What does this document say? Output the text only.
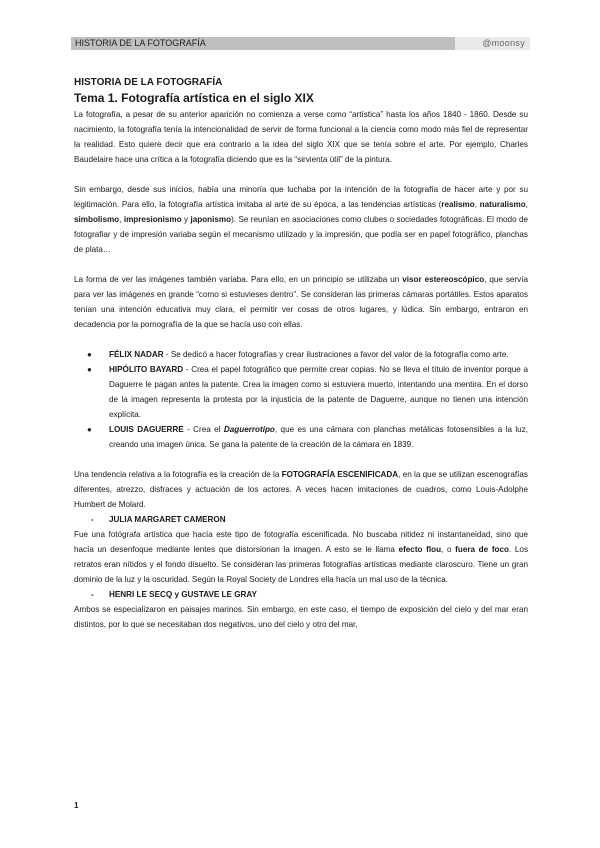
HISTORIA DE LA FOTOGRAFÍA	@moonsy

HISTORIA DE LA FOTOGRAFÍA

Tema 1. Fotografía artística en el siglo XIX

La fotografía, a pesar de su anterior aparición no comienza a verse como “artística” hasta los años 1840 - 1860. Desde su nacimiento, la fotografía tenía la intencionalidad de servir de forma funcional a la ciencia como modo más fiel de representar la realidad. Esto quiere decir que era contrario a la idea del siglo XIX que se tenía sobre el arte. Por ejemplo, Charles Baudelaire hace una crítica a la fotografía diciendo que es la “sirvienta útil” de la pintura.

Sin embargo, desde sus inicios, había una minoría que luchaba por la intención de la fotografía de hacer arte y por su legitimación. Para ello, la fotografía artística imitaba al arte de su época, a las tendencias artísticas (realismo, naturalismo, simbolismo, impresionismo y japonismo). Se reunían en asociaciones como clubes o sociedades fotográficas. El modo de fotografiar y de impresión variaba según el mecanismo utilizado y la impresión, que podía ser en papel fotográfico, planchas de plata…

La forma de ver las imágenes también variaba. Para ello, en un principio se utilizaba un visor estereoscópico, que servía para ver las imágenes en grande “como si estuvieses dentro”. Se consideran las primeras cámaras portátiles. Estos aparatos tenían una intención educativa muy clara, el permitir ver cosas de otros lugares, y lúdica. Sin embargo, entraron en decadencia por la pornografía de la que se hacía uso con ellas.

● FÉLIX NADAR - Se dedicó a hacer fotografías y crear ilustraciones a favor del valor de la fotografía como arte.
● HIPÓLITO BAYARD - Crea el papel fotográfico que permite crear copias. No se lleva el título de inventor porque a Daguerre le pagan antes la patente. Crea la imagen como si estuviera muerto, intentando una mentira. En el dorso de la imagen representa la protesta por la injusticia de la patente de Daguerre, aunque no tienen una intención explícita.
● LOUIS DAGUERRE - Crea el Daguerrotipo, que es una cámara con planchas metálicas fotosensibles a la luz, creando una imagen única. Se gana la patente de la creación de la cámara en 1839.

Una tendencia relativa a la fotografía es la creación de la FOTOGRAFÍA ESCENIFICADA, en la que se utilizan escenografías diferentes, atrezzo, disfraces y actuación de los actores. A veces hacen imitaciones de cuadros, como Louis-Adolphe Humbert de Molard.

- JULIA MARGARET CAMERON

Fue una fotógrafa artística que hacía este tipo de fotografía escenificada. No buscaba nitidez ni instantaneidad, sino que hacía un desenfoque mediante lentes que distorsionan la imagen. A esto se le llama efecto flou, o fuera de foco. Los retratos eran nítidos y el fondo disuelto. Se consideran las primeras fotografías artísticas mediante claroscuro. Tiene un gran dominio de la luz y la oscuridad. Según la Royal Society de Londres ella hacía un mal uso de la técnica.

- HENRI LE SECQ y GUSTAVE LE GRAY

Ambos se especializaron en paisajes marinos. Sin embargo, en este caso, el tiempo de exposición del cielo y del mar eran distintos, por lo que se necesitaban dos negativos, uno del cielo y otro del mar,

1
